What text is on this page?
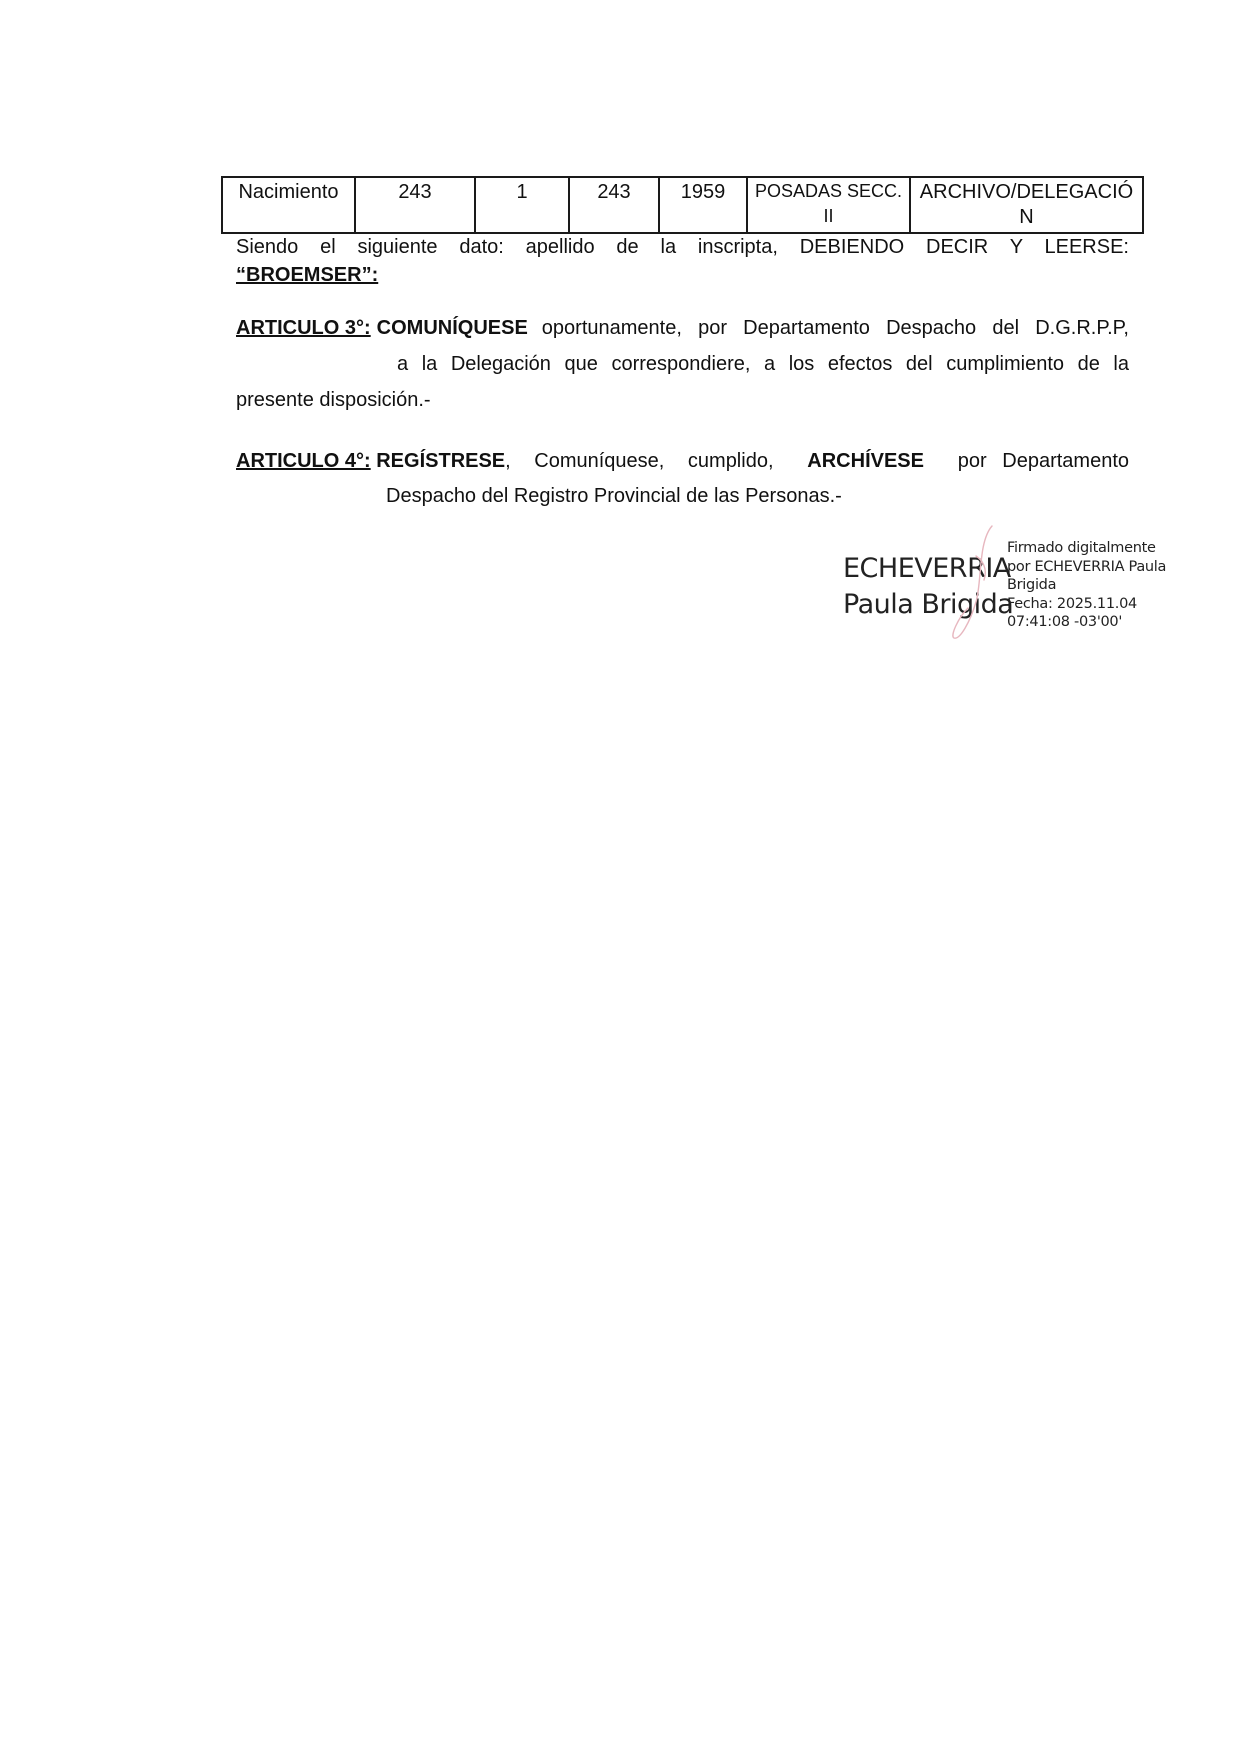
Nacimiento	243	1	243	1959	POSADAS SECC. II	ARCHIVO/DELEGACIÓN
Siendo el siguiente dato: apellido de la inscripta, DEBIENDO DECIR Y LEERSE:
“BROEMSER”:
ARTICULO 3°: COMUNÍQUESE oportunamente, por Departamento Despacho del D.G.R.P.P,
a la Delegación que correspondiere, a los efectos del cumplimiento de la
presente disposición.-
ARTICULO 4°: REGÍSTRESE, Comuníquese, cumplido, ARCHÍVESE por Departamento
Despacho del Registro Provincial de las Personas.-
ECHEVERRIA
Paula Brigida
Firmado digitalmente
por ECHEVERRIA Paula
Brigida
Fecha: 2025.11.04
07:41:08 -03'00'
